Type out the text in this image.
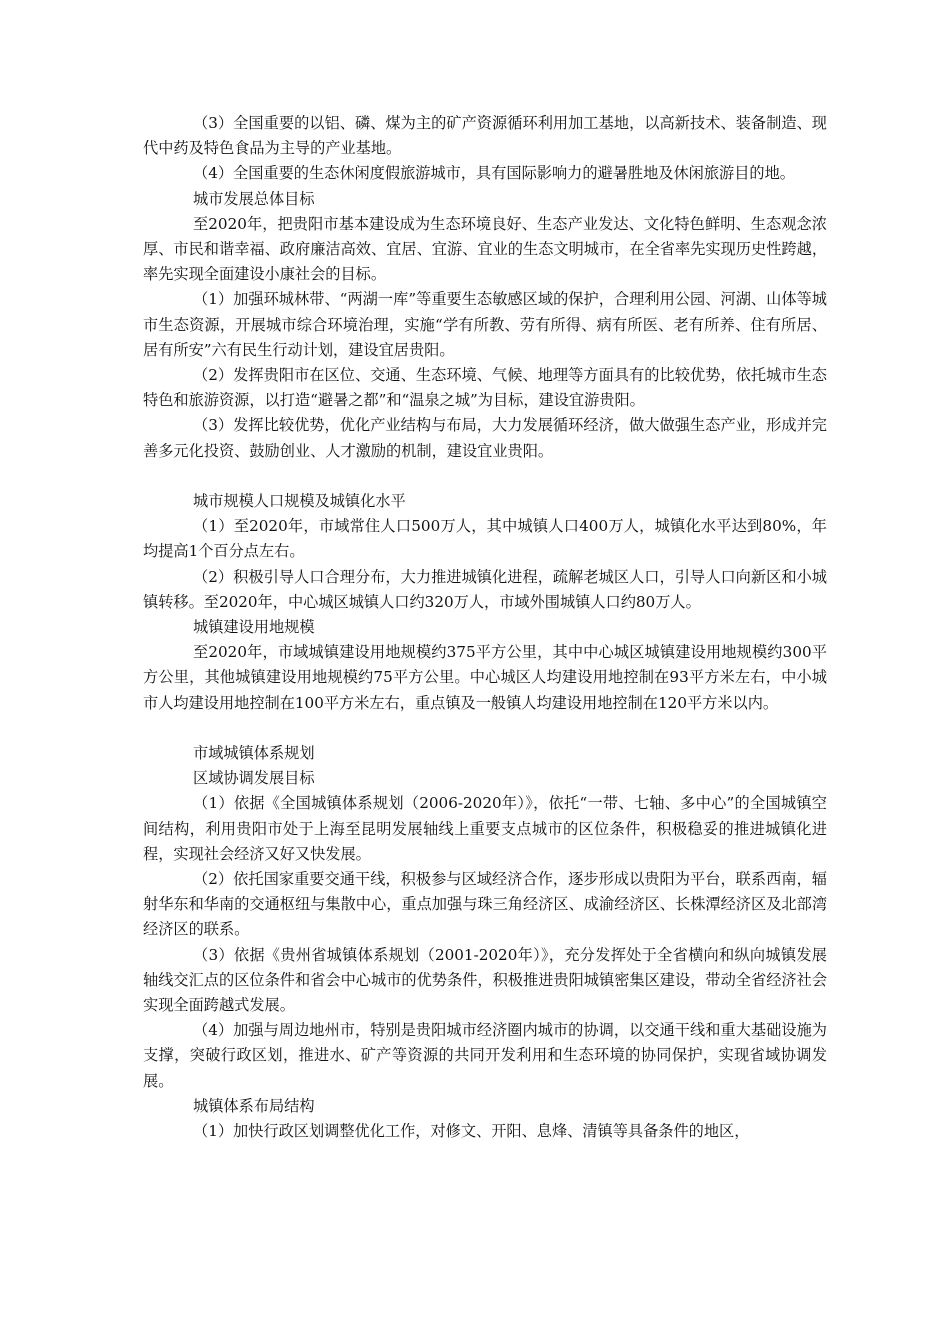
（3）全国重要的以铝、磷、煤为主的矿产资源循环利用加工基地，以高新技术、装备制造、现代中药及特色食品为主导的产业基地。

（4）全国重要的生态休闲度假旅游城市，具有国际影响力的避暑胜地及休闲旅游目的地。

城市发展总体目标

至2020年，把贵阳市基本建设成为生态环境良好、生态产业发达、文化特色鲜明、生态观念浓厚、市民和谐幸福、政府廉洁高效、宜居、宜游、宜业的生态文明城市，在全省率先实现历史性跨越，率先实现全面建设小康社会的目标。

（1）加强环城林带、“两湖一库”等重要生态敏感区域的保护，合理利用公园、河湖、山体等城市生态资源，开展城市综合环境治理，实施“学有所教、劳有所得、病有所医、老有所养、住有所居、居有所安”六有民生行动计划，建设宜居贵阳。

（2）发挥贵阳市在区位、交通、生态环境、气候、地理等方面具有的比较优势，依托城市生态特色和旅游资源，以打造“避暑之都”和“温泉之城”为目标，建设宜游贵阳。

（3）发挥比较优势，优化产业结构与布局，大力发展循环经济，做大做强生态产业，形成并完善多元化投资、鼓励创业、人才激励的机制，建设宜业贵阳。

城市规模人口规模及城镇化水平

（1）至2020年，市域常住人口500万人，其中城镇人口400万人，城镇化水平达到80%，年均提高1个百分点左右。

（2）积极引导人口合理分布，大力推进城镇化进程，疏解老城区人口，引导人口向新区和小城镇转移。至2020年，中心城区城镇人口约320万人，市域外围城镇人口约80万人。

城镇建设用地规模

至2020年，市域城镇建设用地规模约375平方公里，其中中心城区城镇建设用地规模约300平方公里，其他城镇建设用地规模约75平方公里。中心城区人均建设用地控制在93平方米左右，中小城市人均建设用地控制在100平方米左右，重点镇及一般镇人均建设用地控制在120平方米以内。

市域城镇体系规划

区域协调发展目标

（1）依据《全国城镇体系规划（2006-2020年）》，依托“一带、七轴、多中心”的全国城镇空间结构，利用贵阳市处于上海至昆明发展轴线上重要支点城市的区位条件，积极稳妥的推进城镇化进程，实现社会经济又好又快发展。

（2）依托国家重要交通干线，积极参与区域经济合作，逐步形成以贵阳为平台，联系西南，辐射华东和华南的交通枢纽与集散中心，重点加强与珠三角经济区、成渝经济区、长株潭经济区及北部湾经济区的联系。

（3）依据《贵州省城镇体系规划（2001-2020年）》，充分发挥处于全省横向和纵向城镇发展轴线交汇点的区位条件和省会中心城市的优势条件，积极推进贵阳城镇密集区建设，带动全省经济社会实现全面跨越式发展。

（4）加强与周边地州市，特别是贵阳城市经济圈内城市的协调，以交通干线和重大基础设施为支撑，突破行政区划，推进水、矿产等资源的共同开发利用和生态环境的协同保护，实现省域协调发展。

城镇体系布局结构

（1）加快行政区划调整优化工作，对修文、开阳、息烽、清镇等具备条件的地区，
